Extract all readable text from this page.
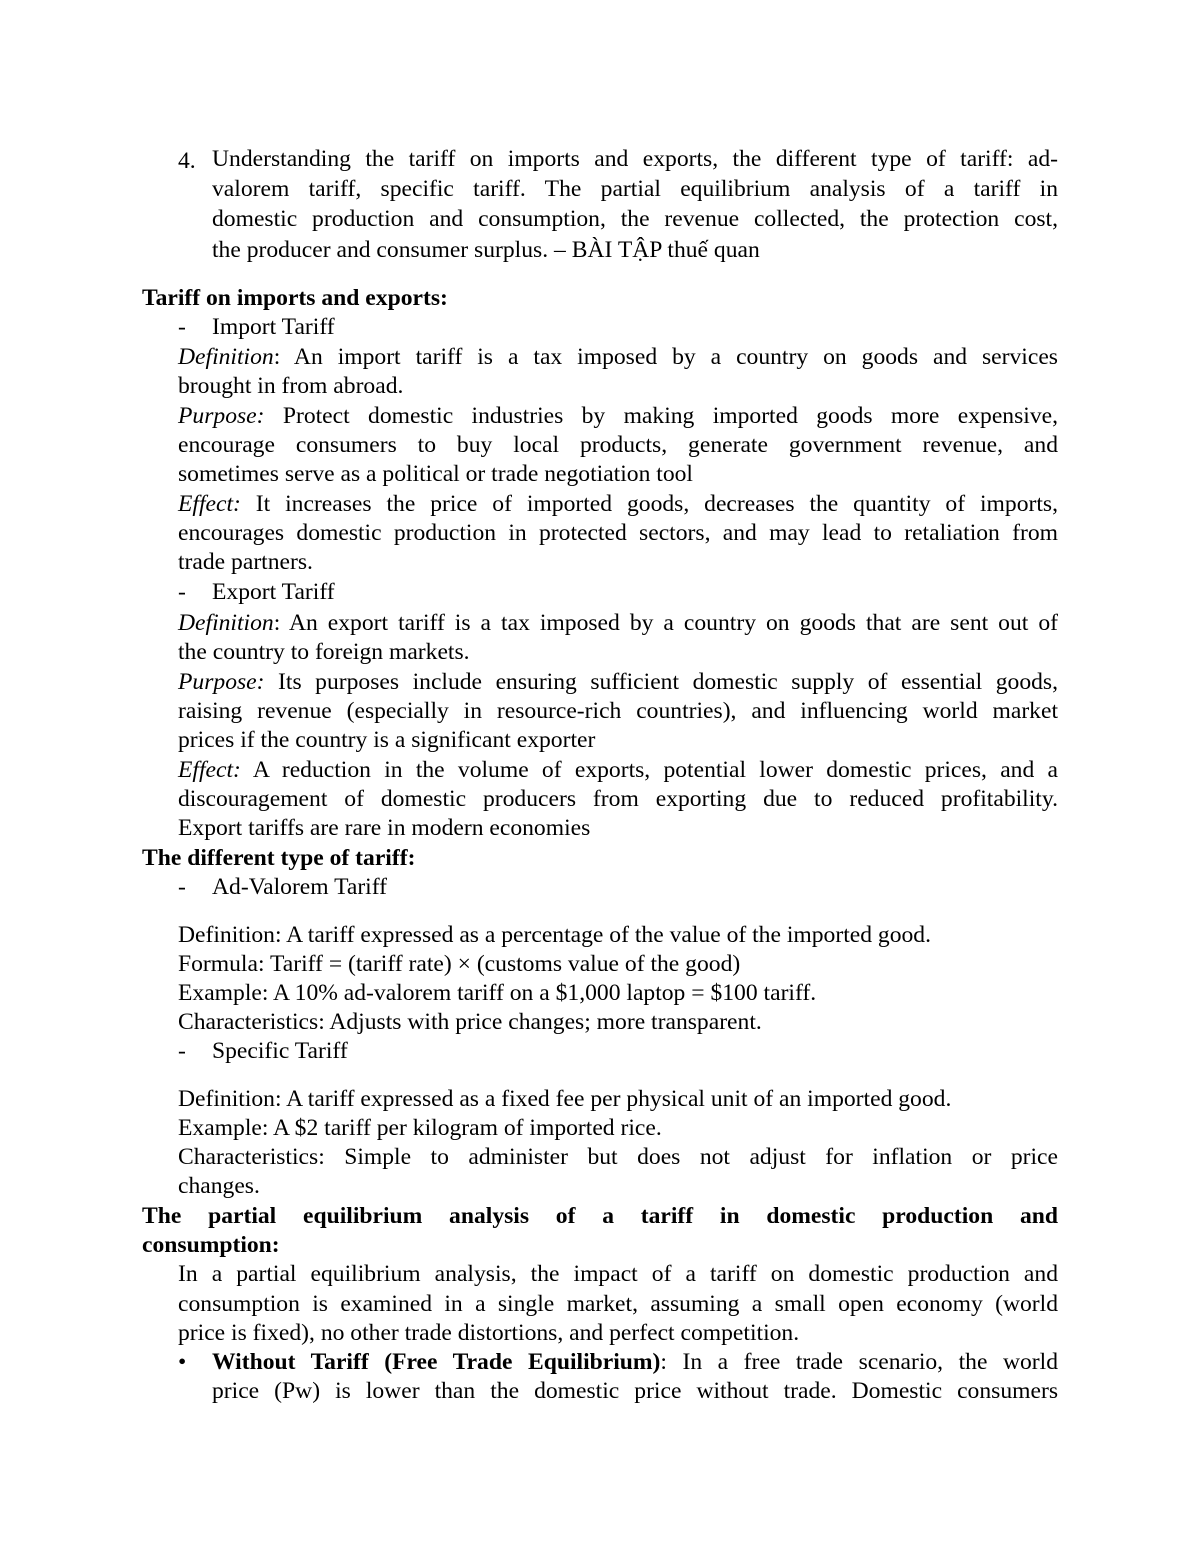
4. Understanding the tariff on imports and exports, the different type of tariff: ad-
valorem tariff, specific tariff. The partial equilibrium analysis of a tariff in
domestic production and consumption, the revenue collected, the protection cost,
the producer and consumer surplus. – BÀI TẬP thuế quan
Tariff on imports and exports:
- Import Tariff
Definition: An import tariff is a tax imposed by a country on goods and services
brought in from abroad.
Purpose: Protect domestic industries by making imported goods more expensive,
encourage consumers to buy local products, generate government revenue, and
sometimes serve as a political or trade negotiation tool
Effect: It increases the price of imported goods, decreases the quantity of imports,
encourages domestic production in protected sectors, and may lead to retaliation from
trade partners.
- Export Tariff
Definition: An export tariff is a tax imposed by a country on goods that are sent out of
the country to foreign markets.
Purpose: Its purposes include ensuring sufficient domestic supply of essential goods,
raising revenue (especially in resource-rich countries), and influencing world market
prices if the country is a significant exporter
Effect: A reduction in the volume of exports, potential lower domestic prices, and a
discouragement of domestic producers from exporting due to reduced profitability.
Export tariffs are rare in modern economies
The different type of tariff:
- Ad-Valorem Tariff
Definition: A tariff expressed as a percentage of the value of the imported good.
Formula: Tariff = (tariff rate) × (customs value of the good)
Example: A 10% ad-valorem tariff on a $1,000 laptop = $100 tariff.
Characteristics: Adjusts with price changes; more transparent.
- Specific Tariff
Definition: A tariff expressed as a fixed fee per physical unit of an imported good.
Example: A $2 tariff per kilogram of imported rice.
Characteristics: Simple to administer but does not adjust for inflation or price
changes.
The partial equilibrium analysis of a tariff in domestic production and
consumption:
In a partial equilibrium analysis, the impact of a tariff on domestic production and
consumption is examined in a single market, assuming a small open economy (world
price is fixed), no other trade distortions, and perfect competition.
• Without Tariff (Free Trade Equilibrium): In a free trade scenario, the world
price (Pw) is lower than the domestic price without trade. Domestic consumers
